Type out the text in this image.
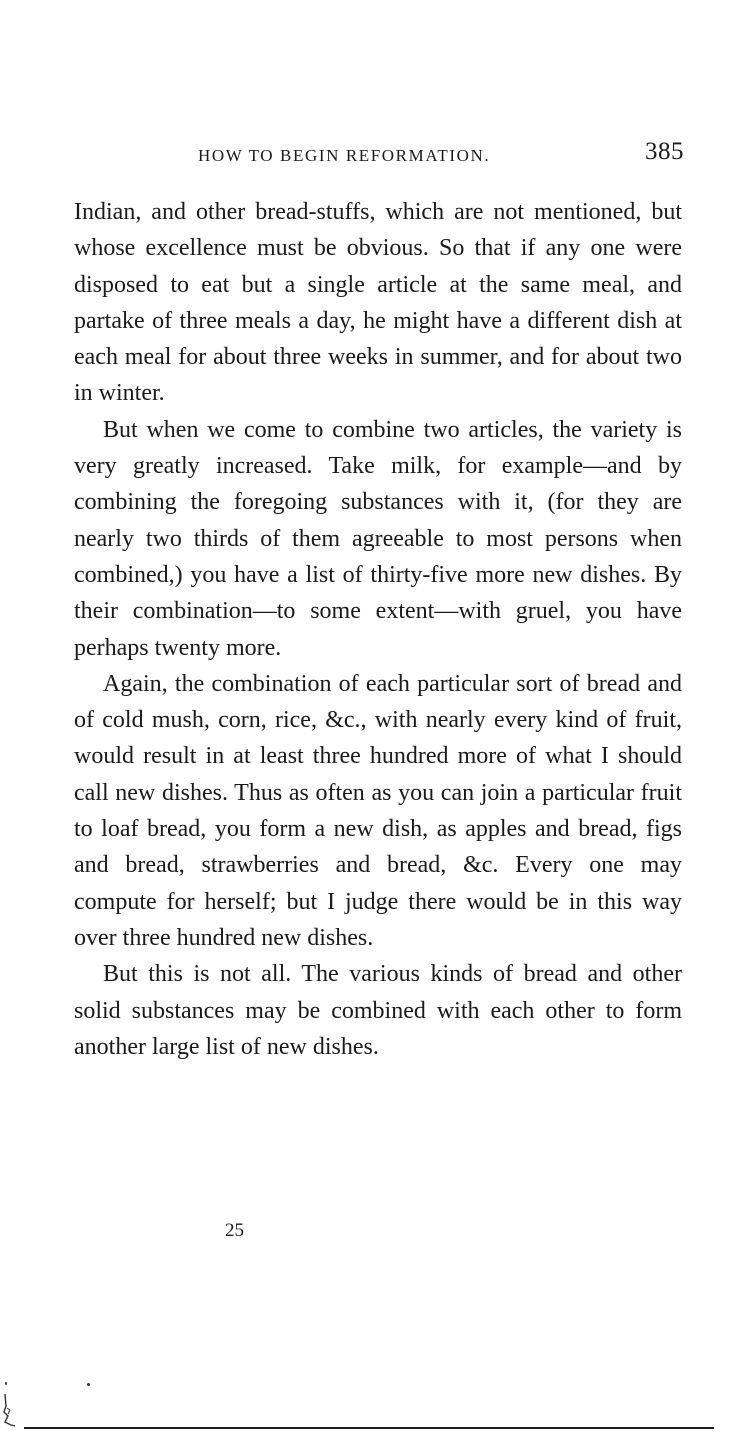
HOW TO BEGIN REFORMATION.	385

Indian, and other bread-stuffs, which are not mentioned, but whose excellence must be obvious. So that if any one were disposed to eat but a single article at the same meal, and partake of three meals a day, he might have a different dish at each meal for about three weeks in summer, and for about two in winter.

But when we come to combine two articles, the variety is very greatly increased. Take milk, for example—and by combining the foregoing substances with it, (for they are nearly two thirds of them agreeable to most persons when combined,) you have a list of thirty-five more new dishes. By their combination—to some extent—with gruel, you have perhaps twenty more.

Again, the combination of each particular sort of bread and of cold mush, corn, rice, &c., with nearly every kind of fruit, would result in at least three hundred more of what I should call new dishes. Thus as often as you can join a particular fruit to loaf bread, you form a new dish, as apples and bread, figs and bread, strawberries and bread, &c. Every one may compute for herself; but I judge there would be in this way over three hundred new dishes.

But this is not all. The various kinds of bread and other solid substances may be combined with each other to form another large list of new dishes.

25
